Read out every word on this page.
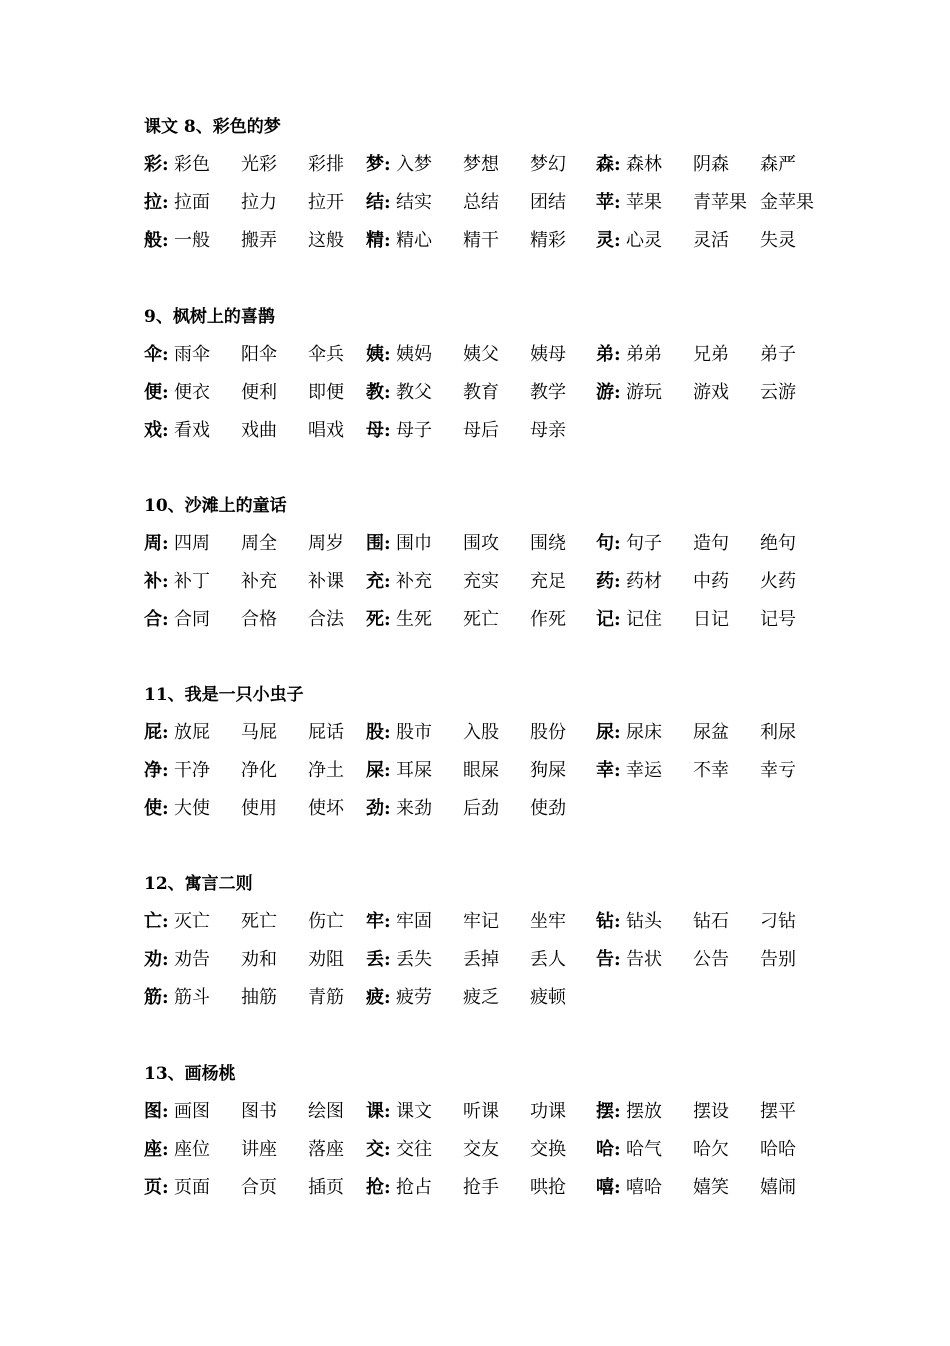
课文 8、彩色的梦
彩: 彩色 光彩 彩排 梦: 入梦 梦想 梦幻 森: 森林 阴森 森严
拉: 拉面 拉力 拉开 结: 结实 总结 团结 苹: 苹果 青苹果 金苹果
般: 一般 搬弄 这般 精: 精心 精干 精彩 灵: 心灵 灵活 失灵
9、枫树上的喜鹊
伞: 雨伞 阳伞 伞兵 姨: 姨妈 姨父 姨母 弟: 弟弟 兄弟 弟子
便: 便衣 便利 即便 教: 教父 教育 教学 游: 游玩 游戏 云游
戏: 看戏 戏曲 唱戏 母: 母子 母后 母亲
10、沙滩上的童话
周: 四周 周全 周岁 围: 围巾 围攻 围绕 句: 句子 造句 绝句
补: 补丁 补充 补课 充: 补充 充实 充足 药: 药材 中药 火药
合: 合同 合格 合法 死: 生死 死亡 作死 记: 记住 日记 记号
11、我是一只小虫子
屁: 放屁 马屁 屁话 股: 股市 入股 股份 尿: 尿床 尿盆 利尿
净: 干净 净化 净土 屎: 耳屎 眼屎 狗屎 幸: 幸运 不幸 幸亏
使: 大使 使用 使坏 劲: 来劲 后劲 使劲
12、寓言二则
亡: 灭亡 死亡 伤亡 牢: 牢固 牢记 坐牢 钻: 钻头 钻石 刁钻
劝: 劝告 劝和 劝阻 丢: 丢失 丢掉 丢人 告: 告状 公告 告别
筋: 筋斗 抽筋 青筋 疲: 疲劳 疲乏 疲顿
13、画杨桃
图: 画图 图书 绘图 课: 课文 听课 功课 摆: 摆放 摆设 摆平
座: 座位 讲座 落座 交: 交往 交友 交换 哈: 哈气 哈欠 哈哈
页: 页面 合页 插页 抢: 抢占 抢手 哄抢 嘻: 嘻哈 嬉笑 嬉闹
